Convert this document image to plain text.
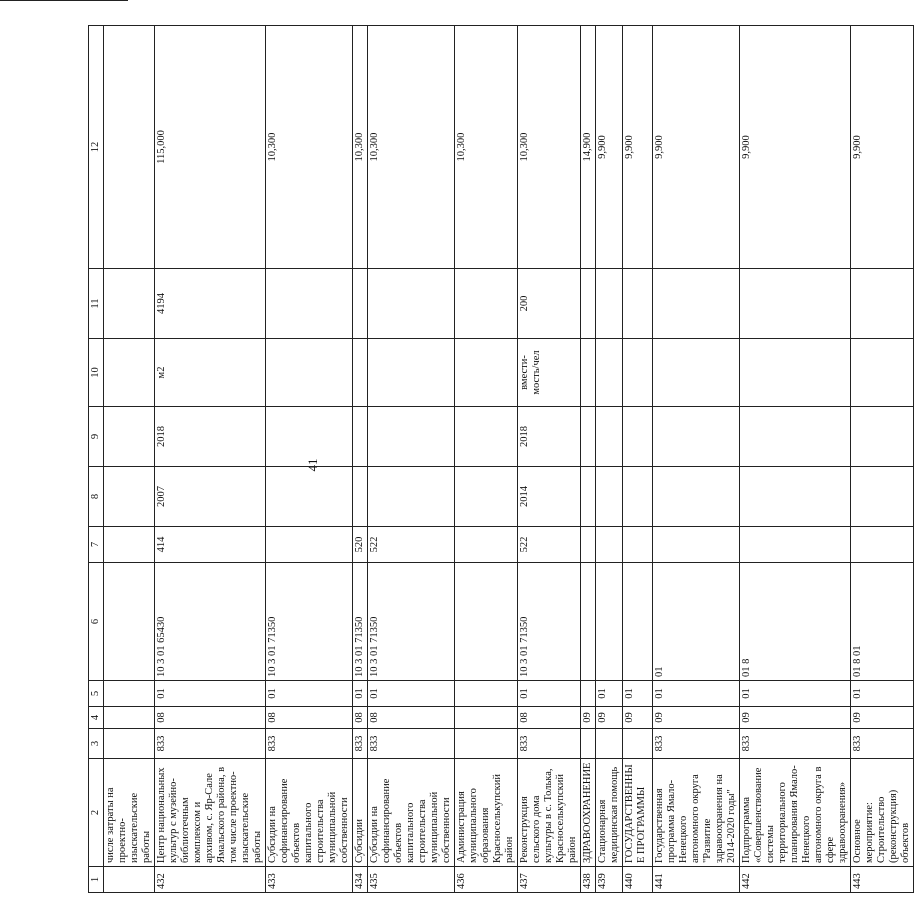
41
1	2	3	4	5	6	7	8	9	10	11	12
	числе затраты на проектно-изыскательские работы										
432	Центр национальных культур с музейно-библиотечным комплексом и архивом, с. Яр-Сале Ямальского района, в том числе проектно-изыскательские работы	833	08	01	10 3 01 65430	414	2007	2018	м2	4194	115,000
433	Субсидии на софинансирование объектов капитального строительства муниципальной собственности	833	08	01	10 3 01 71350						10,300
434	Субсидии	833	08	01	10 3 01 71350	520					10,300
435	Субсидии на софинансирование объектов капитального строительства муниципальной собственности	833	08	01	10 3 01 71350	522					10,300
436	Администрация муниципального образования Красноселькупский район										10,300
437	Реконструкция сельского дома культуры в с. Толька, Красноселькупский район	833	08	01	10 3 01 71350	522	2014	2018	вмести-мость/чел	200	10,300
438	ЗДРАВООХРАНЕНИЕ		09								14,900
439	Стационарная медицинская помощь		09	01							9,900
440	ГОСУДАРСТВЕННЫЕ ПРОГРАММЫ		09	01							9,900
441	Государственная программа Ямало-Ненецкого автономного округа "Развитие здравоохранения на 2014-2020 годы"	833	09	01	01						9,900
442	Подпрограмма «Совершенствование системы территориального планирования Ямало-Ненецкого автономного округа в сфере здравоохранения»	833	09	01	01 8						9,900
443	Основное мероприятие: Строительство (реконструкция) объектов	833	09	01	01 8 01						9,900
